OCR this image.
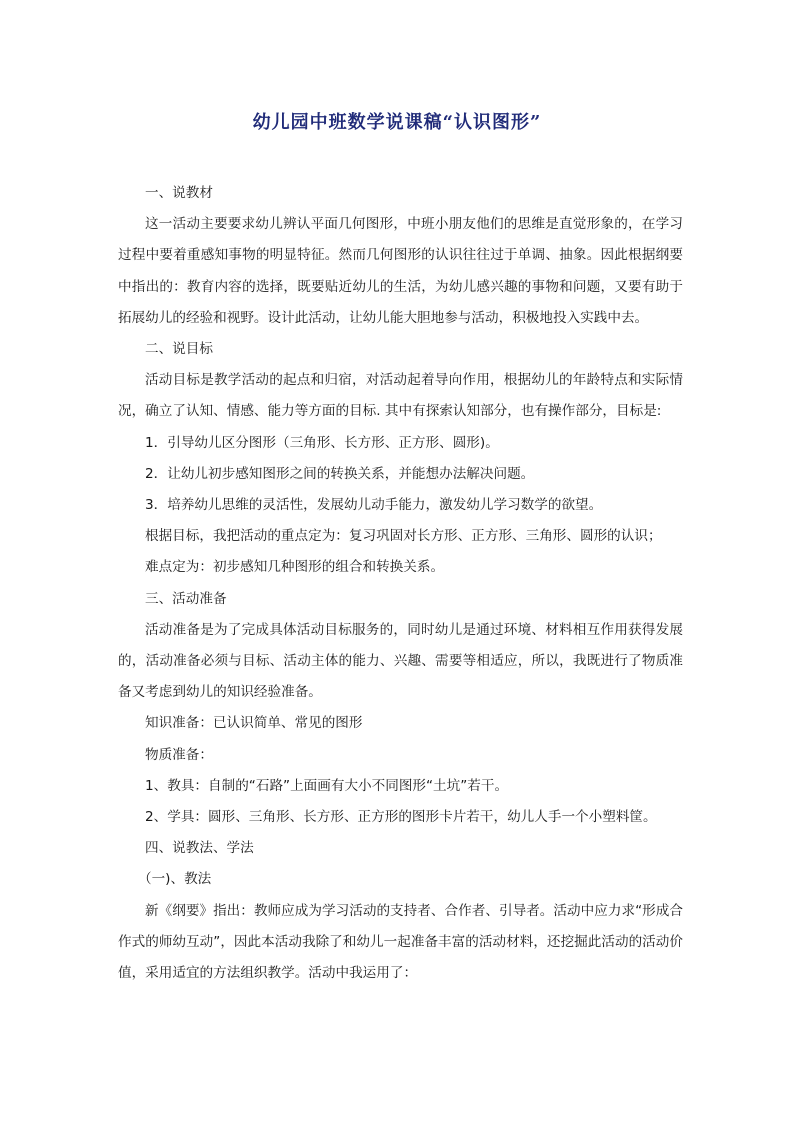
幼儿园中班数学说课稿“认识图形”

一、说教材

这一活动主要要求幼儿辨认平面几何图形，中班小朋友他们的思维是直觉形象的，在学习过程中要着重感知事物的明显特征。然而几何图形的认识往往过于单调、抽象。因此根据纲要中指出的：教育内容的选择，既要贴近幼儿的生活，为幼儿感兴趣的事物和问题，又要有助于拓展幼儿的经验和视野。设计此活动，让幼儿能大胆地参与活动，积极地投入实践中去。

二、说目标

活动目标是教学活动的起点和归宿，对活动起着导向作用，根据幼儿的年龄特点和实际情况，确立了认知、情感、能力等方面的目标. 其中有探索认知部分，也有操作部分，目标是:

1．引导幼儿区分图形（三角形、长方形、正方形、圆形)。

2．让幼儿初步感知图形之间的转换关系，并能想办法解决问题。

3．培养幼儿思维的灵活性，发展幼儿动手能力，激发幼儿学习数学的欲望。

根据目标，我把活动的重点定为：复习巩固对长方形、正方形、三角形、圆形的认识；

难点定为：初步感知几种图形的组合和转换关系。

三、活动准备

活动准备是为了完成具体活动目标服务的，同时幼儿是通过环境、材料相互作用获得发展的，活动准备必须与目标、活动主体的能力、兴趣、需要等相适应，所以，我既进行了物质准备又考虑到幼儿的知识经验准备。

知识准备：已认识简单、常见的图形

物质准备：

1、教具：自制的“石路”上面画有大小不同图形“土坑”若干。

2、学具：圆形、三角形、长方形、正方形的图形卡片若干，幼儿人手一个小塑料筐。

四、说教法、学法

（一)、教法

新《纲要》指出：教师应成为学习活动的支持者、合作者、引导者。活动中应力求“形成合作式的师幼互动”，因此本活动我除了和幼儿一起准备丰富的活动材料，还挖掘此活动的活动价值，采用适宜的方法组织教学。活动中我运用了：
